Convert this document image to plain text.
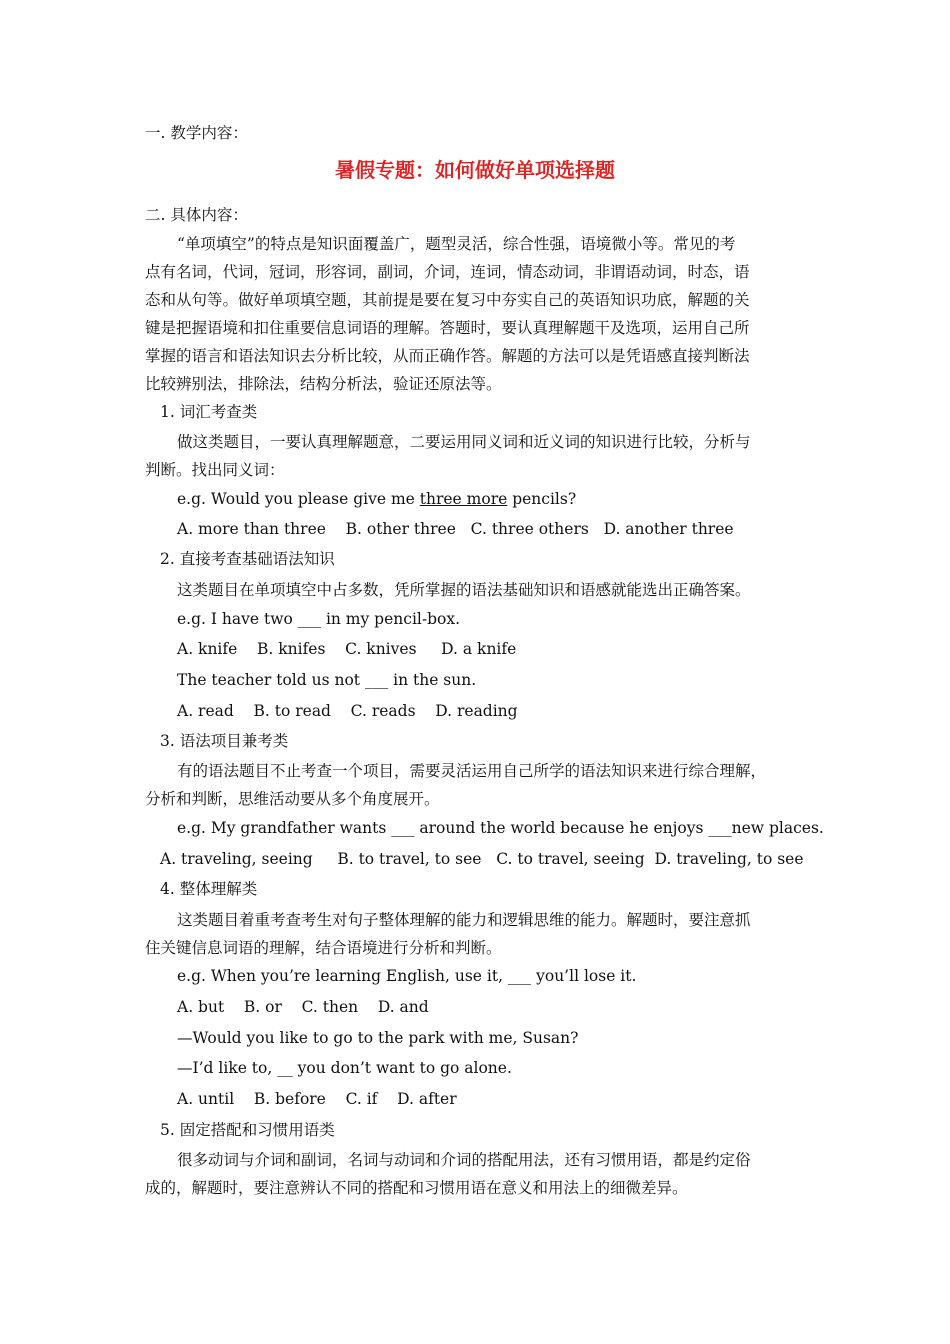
一. 教学内容：
暑假专题：如何做好单项选择题
二. 具体内容：
“单项填空”的特点是知识面覆盖广，题型灵活，综合性强，语境微小等。常见的考
点有名词，代词，冠词，形容词，副词，介词，连词，情态动词，非谓语动词，时态，语
态和从句等。做好单项填空题，其前提是要在复习中夯实自己的英语知识功底，解题的关
键是把握语境和扣住重要信息词语的理解。答题时，要认真理解题干及选项，运用自己所
掌握的语言和语法知识去分析比较，从而正确作答。解题的方法可以是凭语感直接判断法
比较辨别法，排除法，结构分析法，验证还原法等。
1. 词汇考查类
做这类题目，一要认真理解题意，二要运用同义词和近义词的知识进行比较，分析与
判断。找出同义词：
e.g. Would you please give me three more pencils?
A. more than three    B. other three   C. three others   D. another three
2. 直接考查基础语法知识
这类题目在单项填空中占多数，凭所掌握的语法基础知识和语感就能选出正确答案。
e.g. I have two ___ in my pencil-box.
A. knife    B. knifes    C. knives     D. a knife
The teacher told us not ___ in the sun.
A. read    B. to read    C. reads    D. reading
3. 语法项目兼考类
有的语法题目不止考查一个项目，需要灵活运用自己所学的语法知识来进行综合理解，
分析和判断，思维活动要从多个角度展开。
e.g. My grandfather wants ___ around the world because he enjoys ___new places.
A. traveling, seeing     B. to travel, to see   C. to travel, seeing  D. traveling, to see
4. 整体理解类
这类题目着重考查考生对句子整体理解的能力和逻辑思维的能力。解题时，要注意抓
住关键信息词语的理解，结合语境进行分析和判断。
e.g. When you’re learning English, use it, ___ you’ll lose it.
A. but    B. or    C. then    D. and
—Would you like to go to the park with me, Susan?
—I’d like to, __ you don’t want to go alone.
A. until    B. before    C. if    D. after
5. 固定搭配和习惯用语类
很多动词与介词和副词，名词与动词和介词的搭配用法，还有习惯用语，都是约定俗
成的，解题时，要注意辨认不同的搭配和习惯用语在意义和用法上的细微差异。
